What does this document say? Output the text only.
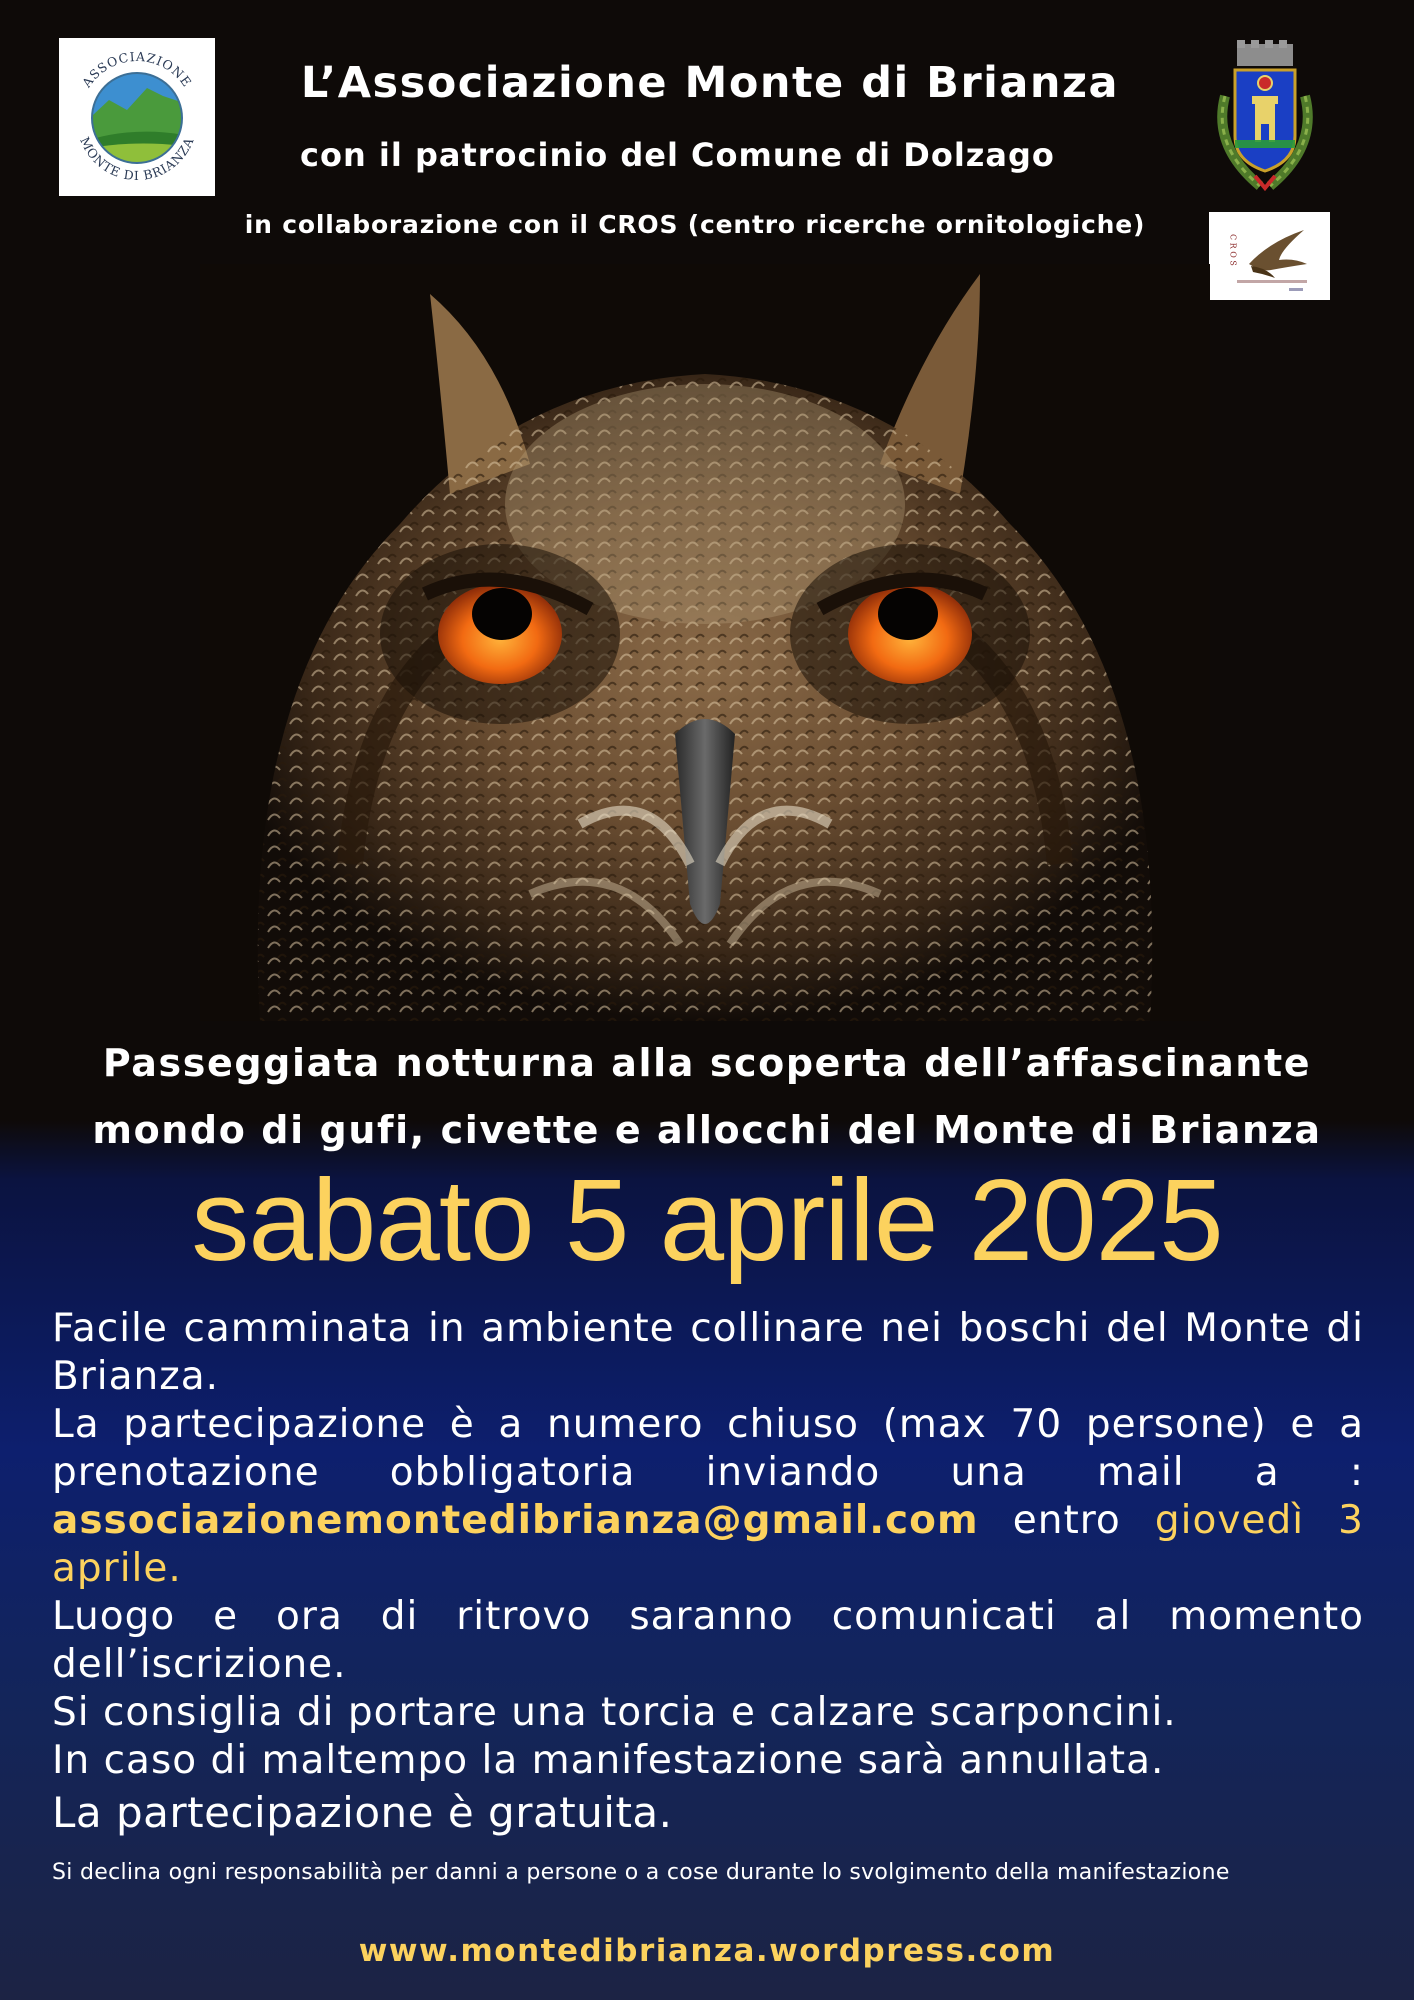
ASSOCIAZIONE
MONTE DI BRIANZA
L’Associazione Monte di Brianza
con il patrocinio del Comune di Dolzago
in collaborazione con il CROS (centro ricerche ornitologiche)
C R O S
Passeggiata notturna alla scoperta dell’affascinante
mondo di gufi, civette e allocchi del Monte di Brianza
sabato 5 aprile 2025

Facile camminata in ambiente collinare nei boschi del Monte di Brianza.

La partecipazione è a numero chiuso (max 70 persone) e a prenotazione obbligatoria inviando una mail a : associazionemontedibrianza@gmail.com entro giovedì 3 aprile.

Luogo e ora di ritrovo saranno comunicati al momento dell’iscrizione.

Si consiglia di portare una torcia e calzare scarponcini.

In caso di maltempo la manifestazione sarà annullata.

La partecipazione è gratuita.

Si declina ogni responsabilità per danni a persone o a cose durante lo svolgimento della manifestazione
www.montedibrianza.wordpress.com
